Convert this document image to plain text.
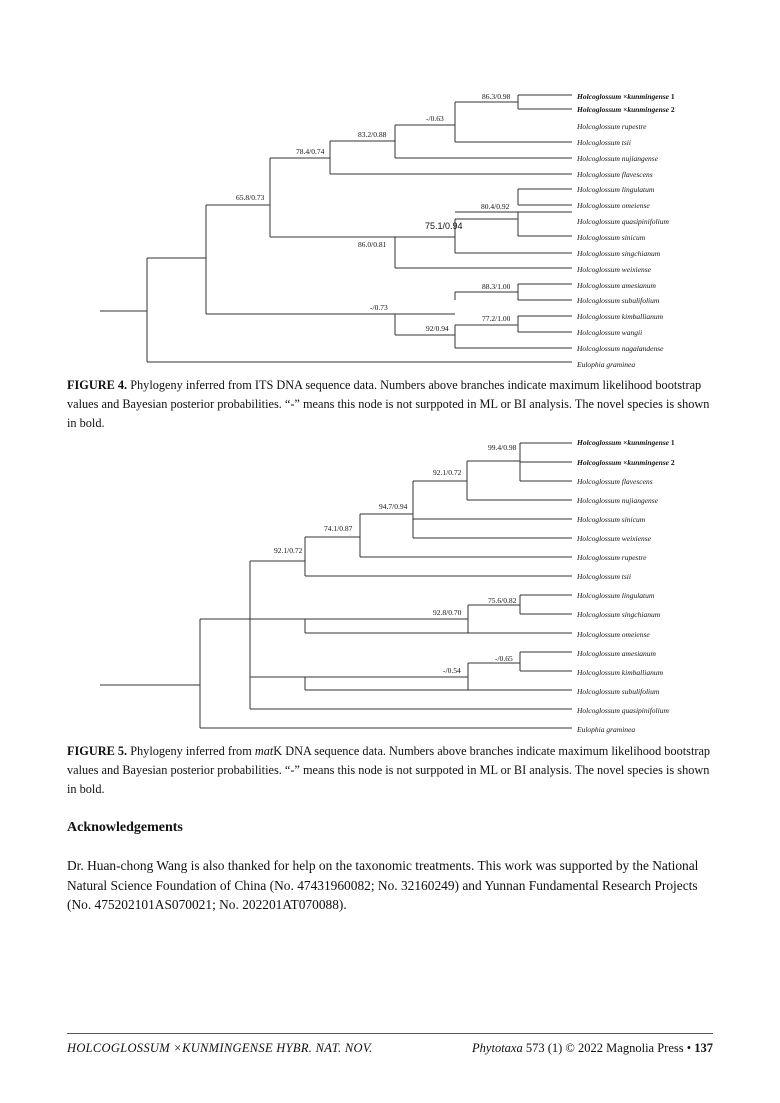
Holcoglossum ×kunmingense 1
Holcoglossum ×kunmingense 2
Holcoglossum rupestre
Holcoglossum tsii
Holcoglossum nujiangense
Holcoglossum flavescens
Holcoglossum lingulatum
Holcoglossum omeiense
Holcoglossum quasipinifolium
Holcoglossum sinicum
Holcoglossum singchianum
Holcoglossum weixiense
Holcoglossum amesianum
Holcoglossum subulifolium
Holcoglossum kimballianum
Holcoglossum wangii
Holcoglossum nagalandense
Eulophia graminea
86.3/0.98
-/0.63
83.2/0.88
78.4/0.74
65.8/0.73
80.4/0.92
75.1/0.94
86.0/0.81
88.3/1.00
-/0.73
77.2/1.00
92/0.94
FIGURE 4. Phylogeny inferred from ITS DNA sequence data. Numbers above branches indicate maximum likelihood bootstrap values and Bayesian posterior probabilities. “-” means this node is not surppoted in ML or BI analysis. The novel species is shown in bold.
Holcoglossum ×kunmingense 1
Holcoglossum ×kunmingense 2
Holcoglossum flavescens
Holcoglossum nujiangense
Holcoglossum sinicum
Holcoglossum weixiense
Holcoglossum rupestre
Holcoglossum tsii
Holcoglossum lingulatum
Holcoglossum singchianum
Holcoglossum omeiense
Holcoglossum amesianum
Holcoglossum kimballianum
Holcoglossum subulifolium
Holcoglossum quasipinifolium
Eulophia graminea
99.4/0.98
92.1/0.72
94.7/0.94
74.1/0.87
92.1/0.72
75.6/0.82
92.8/0.70
-/0.65
-/0.54
FIGURE 5. Phylogeny inferred from matK DNA sequence data. Numbers above branches indicate maximum likelihood bootstrap values and Bayesian posterior probabilities. “-” means this node is not surppoted in ML or BI analysis. The novel species is shown in bold.
Acknowledgements
Dr. Huan-chong Wang is also thanked for help on the taxonomic treatments. This work was supported by the National Natural Science Foundation of China (No. 47431960082; No. 32160249) and Yunnan Fundamental Research Projects (No. 475202101AS070021; No. 202201AT070088).
HOLCOGLOSSUM ×KUNMINGENSE HYBR. NAT. NOV.	Phytotaxa 573 (1) © 2022 Magnolia Press • 137
